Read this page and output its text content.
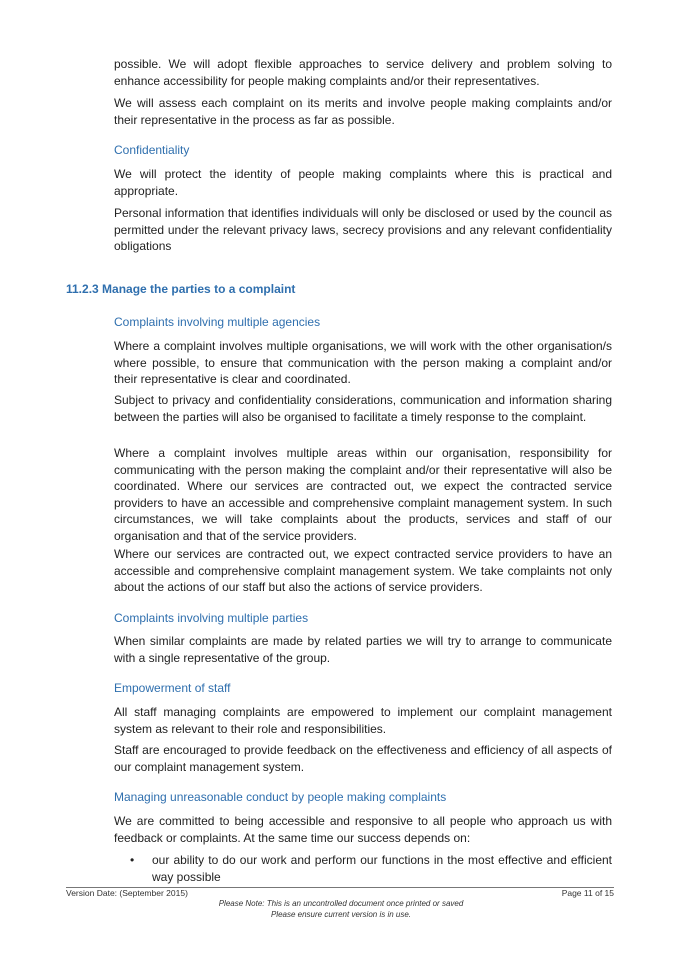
possible. We will adopt flexible approaches to service delivery and problem solving to enhance accessibility for people making complaints and/or their representatives.

We will assess each complaint on its merits and involve people making complaints and/or their representative in the process as far as possible.

Confidentiality

We will protect the identity of people making complaints where this is practical and appropriate.

Personal information that identifies individuals will only be disclosed or used by the council as permitted under the relevant privacy laws, secrecy provisions and any relevant confidentiality obligations

11.2.3 Manage the parties to a complaint

Complaints involving multiple agencies

Where a complaint involves multiple organisations, we will work with the other organisation/s where possible, to ensure that communication with the person making a complaint and/or their representative is clear and coordinated.

Subject to privacy and confidentiality considerations, communication and information sharing between the parties will also be organised to facilitate a timely response to the complaint.

Where a complaint involves multiple areas within our organisation, responsibility for communicating with the person making the complaint and/or their representative will also be coordinated. Where our services are contracted out, we expect the contracted service providers to have an accessible and comprehensive complaint management system. In such circumstances, we will take complaints about the products, services and staff of our organisation and that of the service providers.

Where our services are contracted out, we expect contracted service providers to have an accessible and comprehensive complaint management system. We take complaints not only about the actions of our staff but also the actions of service providers.

Complaints involving multiple parties

When similar complaints are made by related parties we will try to arrange to communicate with a single representative of the group.

Empowerment of staff

All staff managing complaints are empowered to implement our complaint management system as relevant to their role and responsibilities.

Staff are encouraged to provide feedback on the effectiveness and efficiency of all aspects of our complaint management system.

Managing unreasonable conduct by people making complaints

We are committed to being accessible and responsive to all people who approach us with feedback or complaints. At the same time our success depends on:

• our ability to do our work and perform our functions in the most effective and efficient way possible
Version Date: (September 2015)	Page 11 of 15
Please Note: This is an uncontrolled document once printed or saved
Please ensure current version is in use.
